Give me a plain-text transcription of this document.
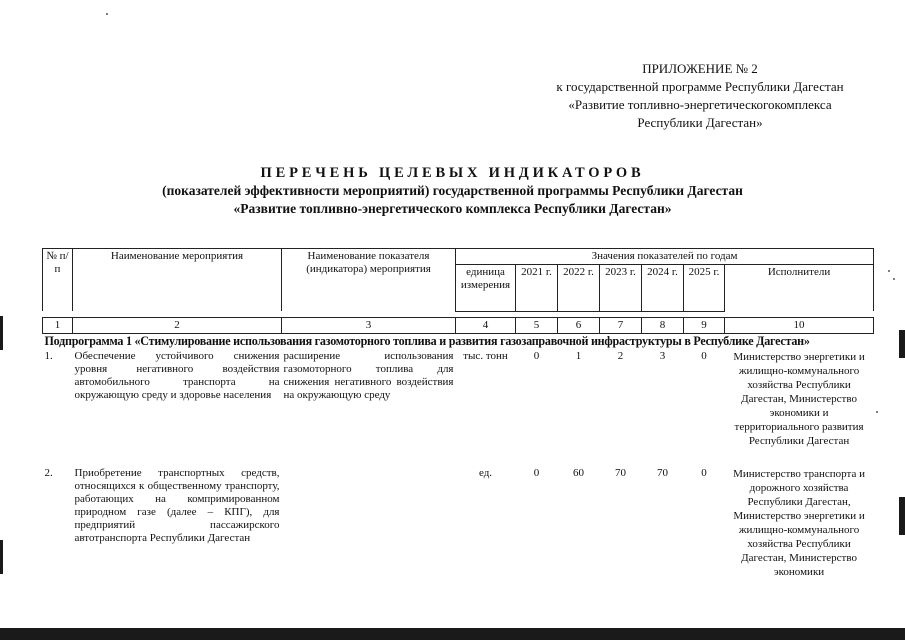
ПРИЛОЖЕНИЕ № 2
к государственной программе Республики Дагестан
«Развитие топливно-энергетическогокомплекса
Республики Дагестан»
ПЕРЕЧЕНЬ ЦЕЛЕВЫХ ИНДИКАТОРОВ
(показателей эффективности мероприятий) государственной программы Республики Дагестан
«Развитие топливно-энергетического комплекса Республики Дагестан»
№ п/п	Наименование мероприятия	Наименование показателя (индикатора) мероприятия	Значения показателей по годам						
			единица измерения	2021 г.	2022 г.	2023 г.	2024 г.	2025 г.	Исполнители

1	2	3	4	5	6	7	8	9	10
Подпрограмма 1 «Стимулирование использования газомоторного топлива и развития газозаправочной инфраструктуры в Республике Дагестан»									
1.	Обеспечение устойчивого снижения уровня негативного воздействия автомобильного транспорта на окружающую среду и здоровье населения	расширение использования газомоторного топлива для снижения негативного воздействия на окружающую среду	тыс. тонн	0	1	2	3	0	Министерство энергетики и жилищно-коммунального хозяйства Республики Дагестан, Министерство экономики и территориального развития Республики Дагестан
2.	Приобретение транспортных средств, относящихся к общественному транспорту, работающих на компримированном природном газе (далее – КПГ), для предприятий пассажирского автотранспорта Республики Дагестан		ед.	0	60	70	70	0	Министерство транспорта и дорожного хозяйства Республики Дагестан, Министерство энергетики и жилищно-коммунального хозяйства Республики Дагестан, Министерство экономики
